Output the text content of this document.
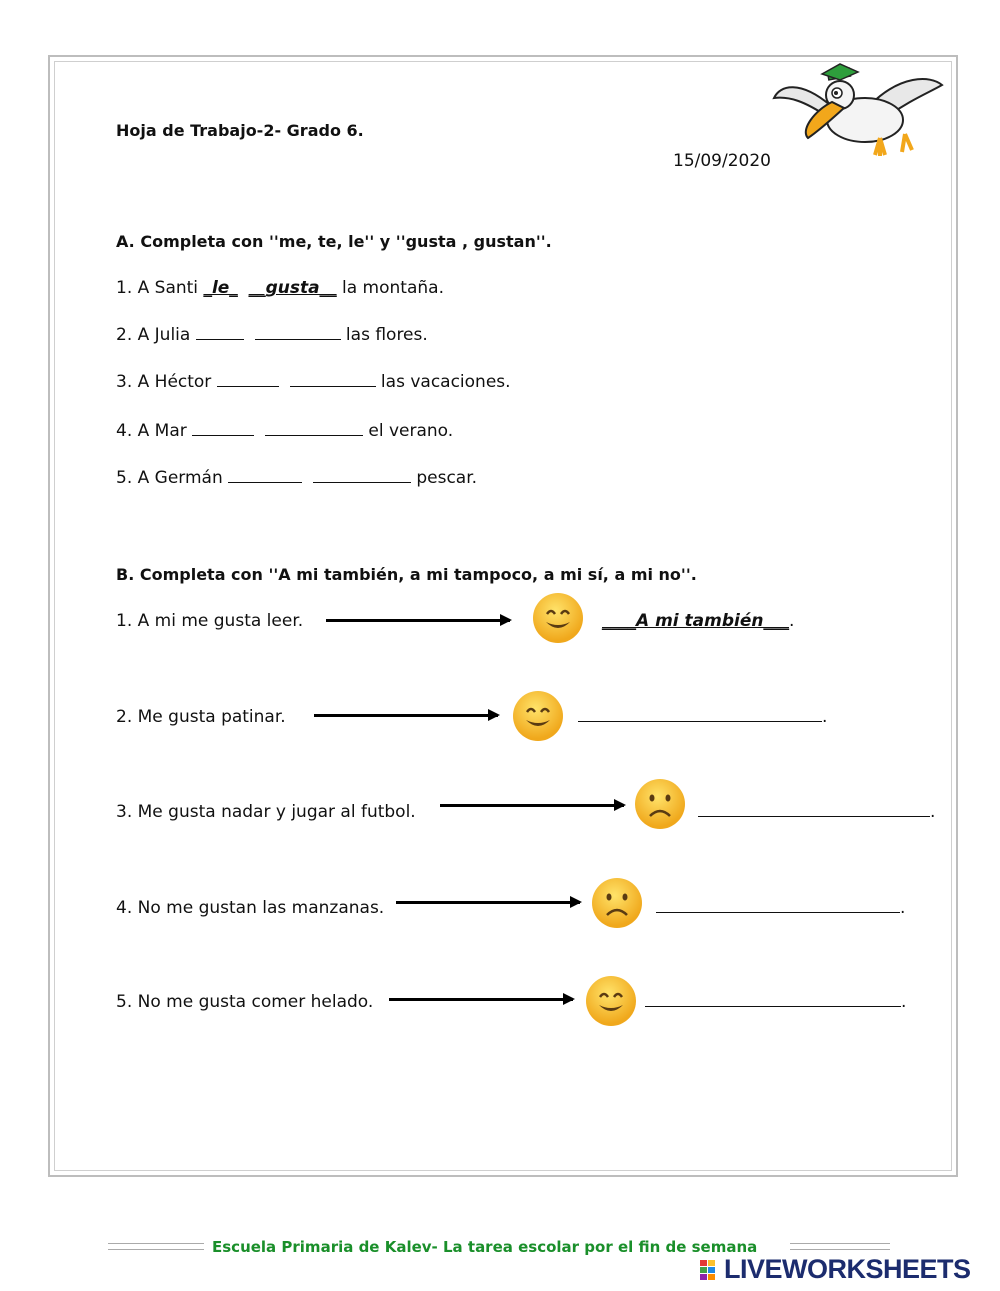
Hoja de Trabajo-2- Grado 6.
15/09/2020
A. Completa con ''me, te, le'' y ''gusta , gustan''.
1. A Santi _le_ __gusta__ la montaña.
2. A Julia	las flores.
3. A Héctor	las vacaciones.
4. A Mar	el verano.
5. A Germán	pescar.
B. Completa con ''A mi también, a mi tampoco, a mi sí, a mi no''.
1. A mi me gusta leer.	____A mi también___.
2. Me gusta patinar.	.
3. Me gusta nadar y jugar al futbol.	.
4. No me gustan las manzanas.	.
5. No me gusta comer helado.	.
Escuela Primaria de Kalev- La tarea escolar por el fin de semana
LIVEWORKSHEETS
